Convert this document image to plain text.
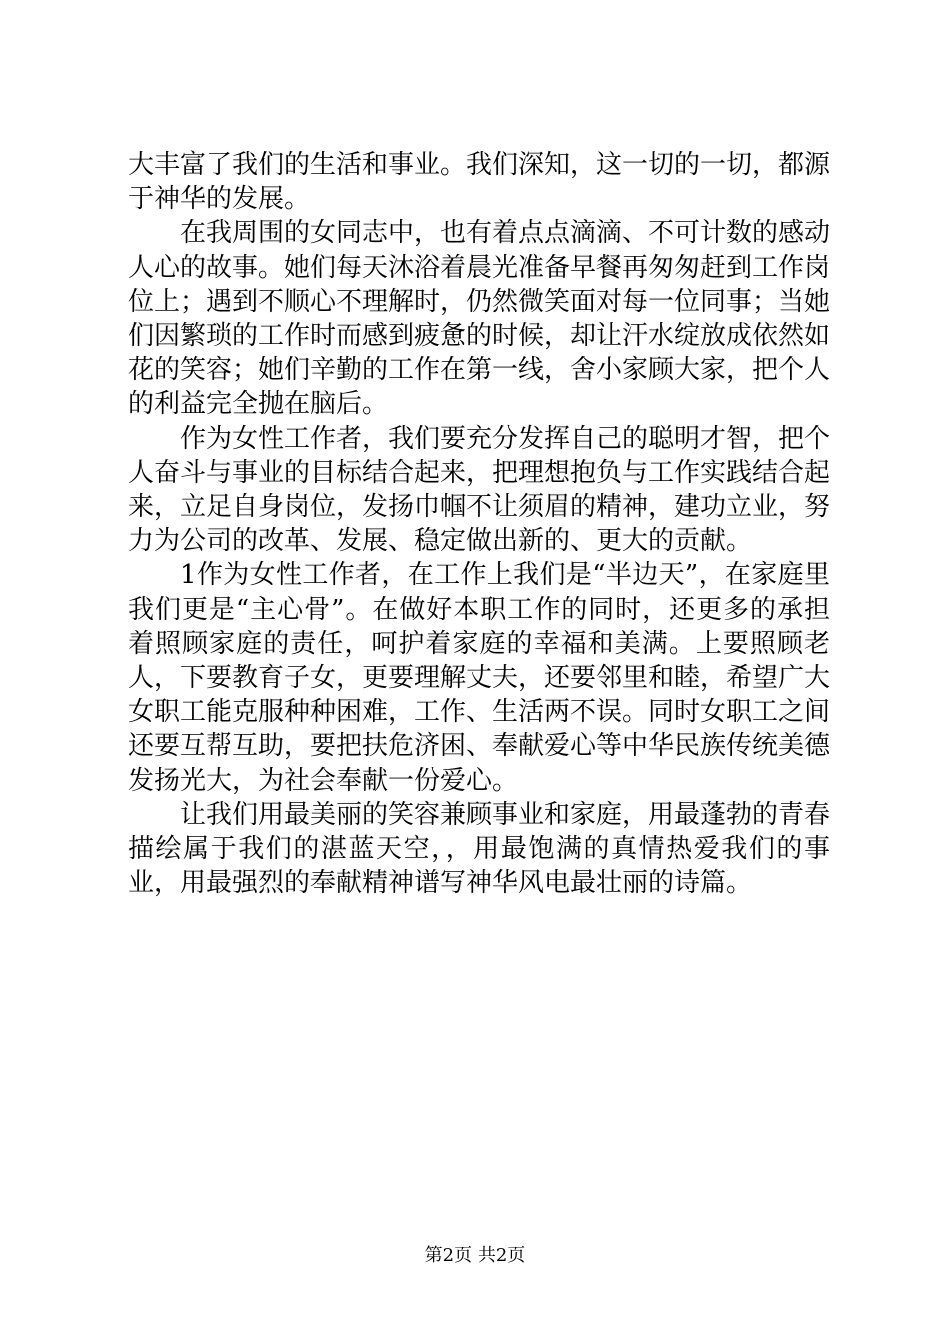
大丰富了我们的生活和事业。我们深知，这一切的一切，都源于神华的发展。

在我周围的女同志中，也有着点点滴滴、不可计数的感动人心的故事。她们每天沐浴着晨光准备早餐再匆匆赶到工作岗位上；遇到不顺心不理解时，仍然微笑面对每一位同事；当她们因繁琐的工作时而感到疲惫的时候，却让汗水绽放成依然如花的笑容；她们辛勤的工作在第一线，舍小家顾大家，把个人的利益完全抛在脑后。

作为女性工作者，我们要充分发挥自己的聪明才智，把个人奋斗与事业的目标结合起来，把理想抱负与工作实践结合起来，立足自身岗位，发扬巾帼不让须眉的精神，建功立业，努力为公司的改革、发展、稳定做出新的、更大的贡献。

1作为女性工作者，在工作上我们是“半边天”，在家庭里我们更是“主心骨”。在做好本职工作的同时，还更多的承担着照顾家庭的责任，呵护着家庭的幸福和美满。上要照顾老人，下要教育子女，更要理解丈夫，还要邻里和睦，希望广大女职工能克服种种困难，工作、生活两不误。同时女职工之间还要互帮互助，要把扶危济困、奉献爱心等中华民族传统美德发扬光大，为社会奉献一份爱心。

让我们用最美丽的笑容兼顾事业和家庭，用最蓬勃的青春描绘属于我们的湛蓝天空，，用最饱满的真情热爱我们的事业，用最强烈的奉献精神谱写神华风电最壮丽的诗篇。

第2页 共2页
